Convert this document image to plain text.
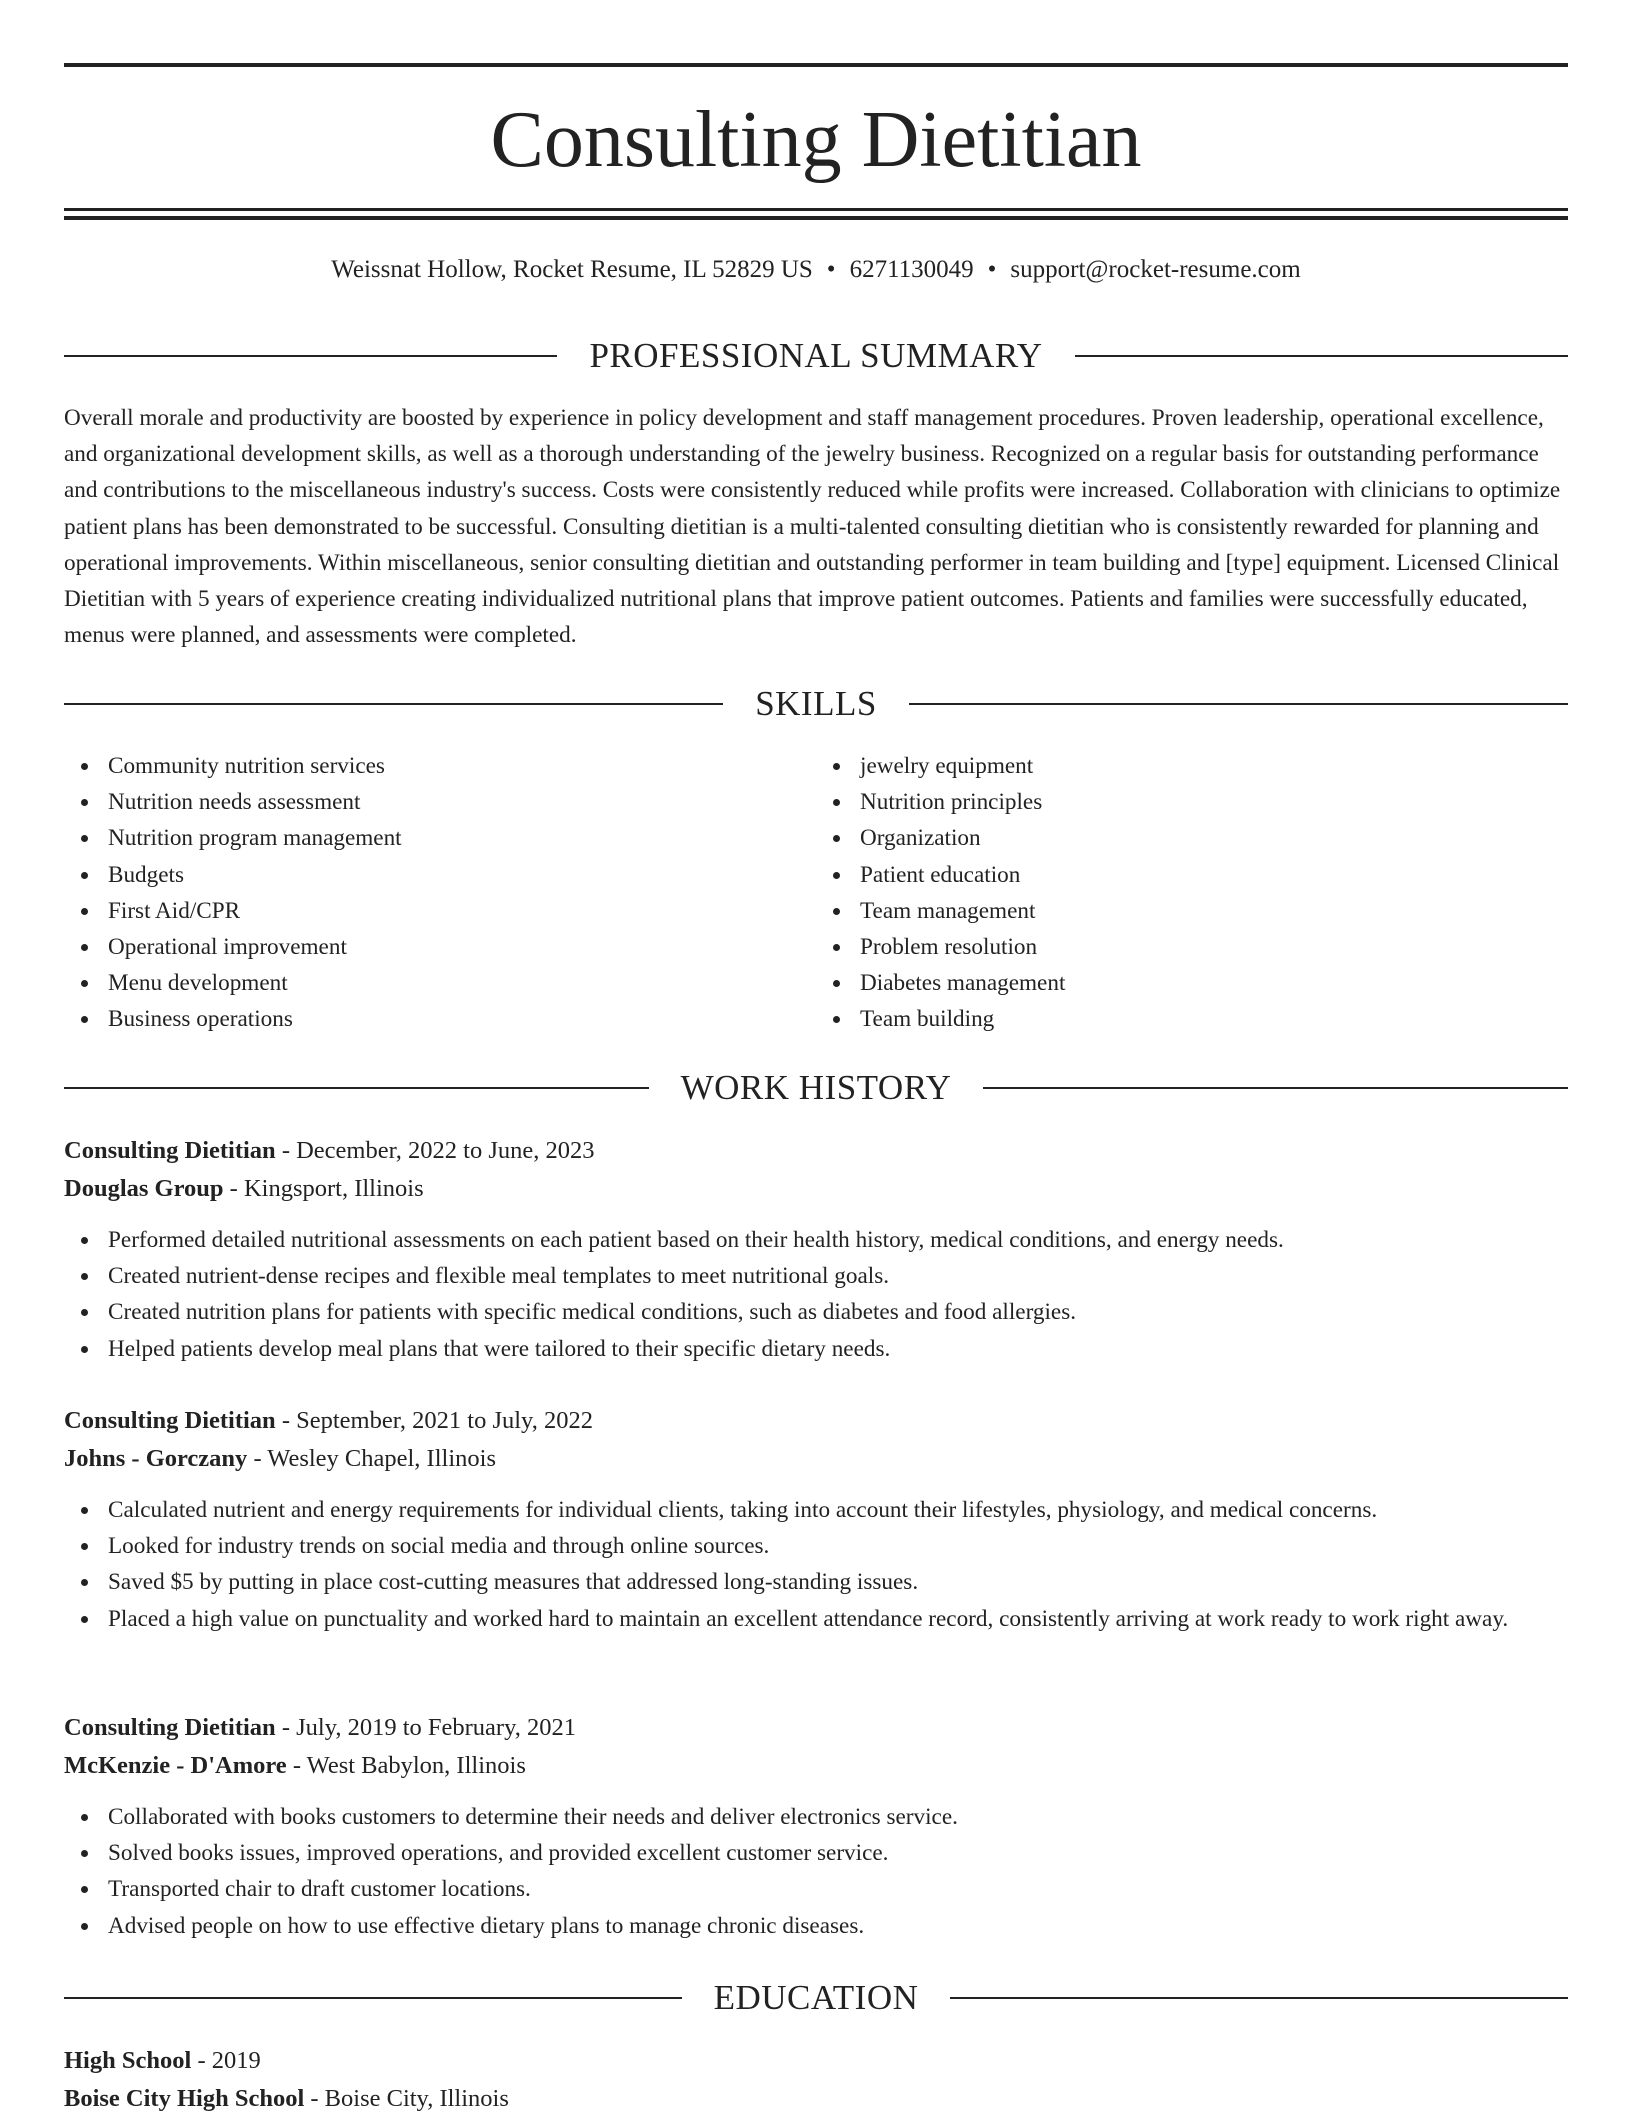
Consulting Dietitian
Weissnat Hollow, Rocket Resume, IL 52829 US • 6271130049 • support@rocket-resume.com
PROFESSIONAL SUMMARY

Overall morale and productivity are boosted by experience in policy development and staff management procedures. Proven leadership, operational excellence, and organizational development skills, as well as a thorough understanding of the jewelry business. Recognized on a regular basis for outstanding performance and contributions to the miscellaneous industry's success. Costs were consistently reduced while profits were increased. Collaboration with clinicians to optimize patient plans has been demonstrated to be successful. Consulting dietitian is a multi-talented consulting dietitian who is consistently rewarded for planning and operational improvements. Within miscellaneous, senior consulting dietitian and outstanding performer in team building and [type] equipment. Licensed Clinical Dietitian with 5 years of experience creating individualized nutritional plans that improve patient outcomes. Patients and families were successfully educated, menus were planned, and assessments were completed.

SKILLS
Community nutrition services
Nutrition needs assessment
Nutrition program management
Budgets
First Aid/CPR
Operational improvement
Menu development
Business operations
jewelry equipment
Nutrition principles
Organization
Patient education
Team management
Problem resolution
Diabetes management
Team building
WORK HISTORY
Consulting Dietitian - December, 2022 to June, 2023
Douglas Group - Kingsport, Illinois
Performed detailed nutritional assessments on each patient based on their health history, medical conditions, and energy needs.
Created nutrient-dense recipes and flexible meal templates to meet nutritional goals.
Created nutrition plans for patients with specific medical conditions, such as diabetes and food allergies.
Helped patients develop meal plans that were tailored to their specific dietary needs.
Consulting Dietitian - September, 2021 to July, 2022
Johns - Gorczany - Wesley Chapel, Illinois
Calculated nutrient and energy requirements for individual clients, taking into account their lifestyles, physiology, and medical concerns.
Looked for industry trends on social media and through online sources.
Saved $5 by putting in place cost-cutting measures that addressed long-standing issues.
Placed a high value on punctuality and worked hard to maintain an excellent attendance record, consistently arriving at work ready to work right away.
Consulting Dietitian - July, 2019 to February, 2021
McKenzie - D'Amore - West Babylon, Illinois
Collaborated with books customers to determine their needs and deliver electronics service.
Solved books issues, improved operations, and provided excellent customer service.
Transported chair to draft customer locations.
Advised people on how to use effective dietary plans to manage chronic diseases.
EDUCATION
High School - 2019
Boise City High School - Boise City, Illinois
